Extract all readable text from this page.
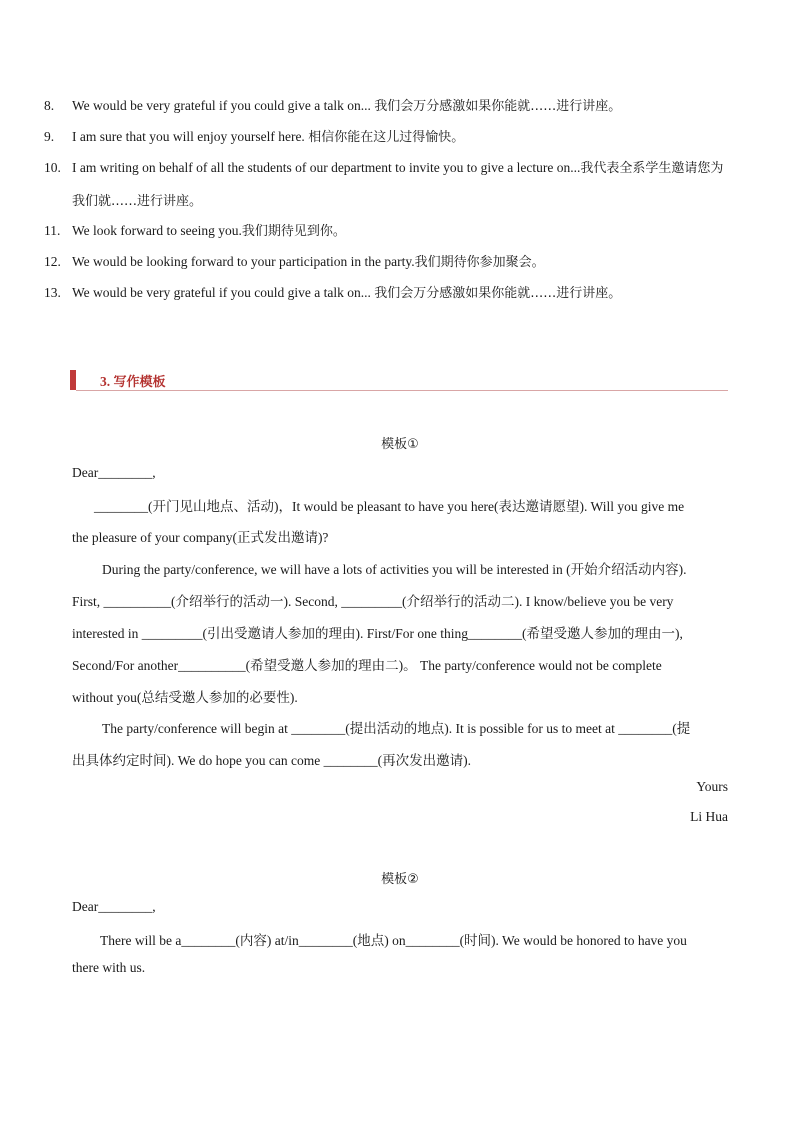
8. We would be very grateful if you could give a talk on... 我们会万分感激如果你能就……进行讲座。
9. I am sure that you will enjoy yourself here. 相信你能在这儿过得愉快。
10. I am writing on behalf of all the students of our department to invite you to give a lecture on...我代表全系学生邀请您为我们就……进行讲座。
11. We look forward to seeing you.我们期待见到你。
12. We would be looking forward to your participation in the party.我们期待你参加聚会。
13. We would be very grateful if you could give a talk on... 我们会万分感激如果你能就……进行讲座。
3. 写作模板
模板①
Dear________,
________(开门见山地点、活动)，It would be pleasant to have you here(表达邀请愿望). Will you give me
the pleasure of your company(正式发出邀请)?
During the party/conference, we will have a lots of activities you will be interested in (开始介绍活动内容).
First, __________(介绍举行的活动一). Second, _________(介绍举行的活动二). I know/believe you be very
interested in _________(引出受邀请人参加的理由). First/For one thing________(希望受邀人参加的理由一),
Second/For another__________(希望受邀人参加的理由二)。 The party/conference would not be complete
without you(总结受邀人参加的必要性).
The party/conference will begin at ________(提出活动的地点). It is possible for us to meet at ________(提
出具体约定时间). We do hope you can come ________(再次发出邀请).
Yours
Li Hua
模板②
Dear________,
There will be a________(内容) at/in________(地点) on________(时间). We would be honored to have you
there with us.
